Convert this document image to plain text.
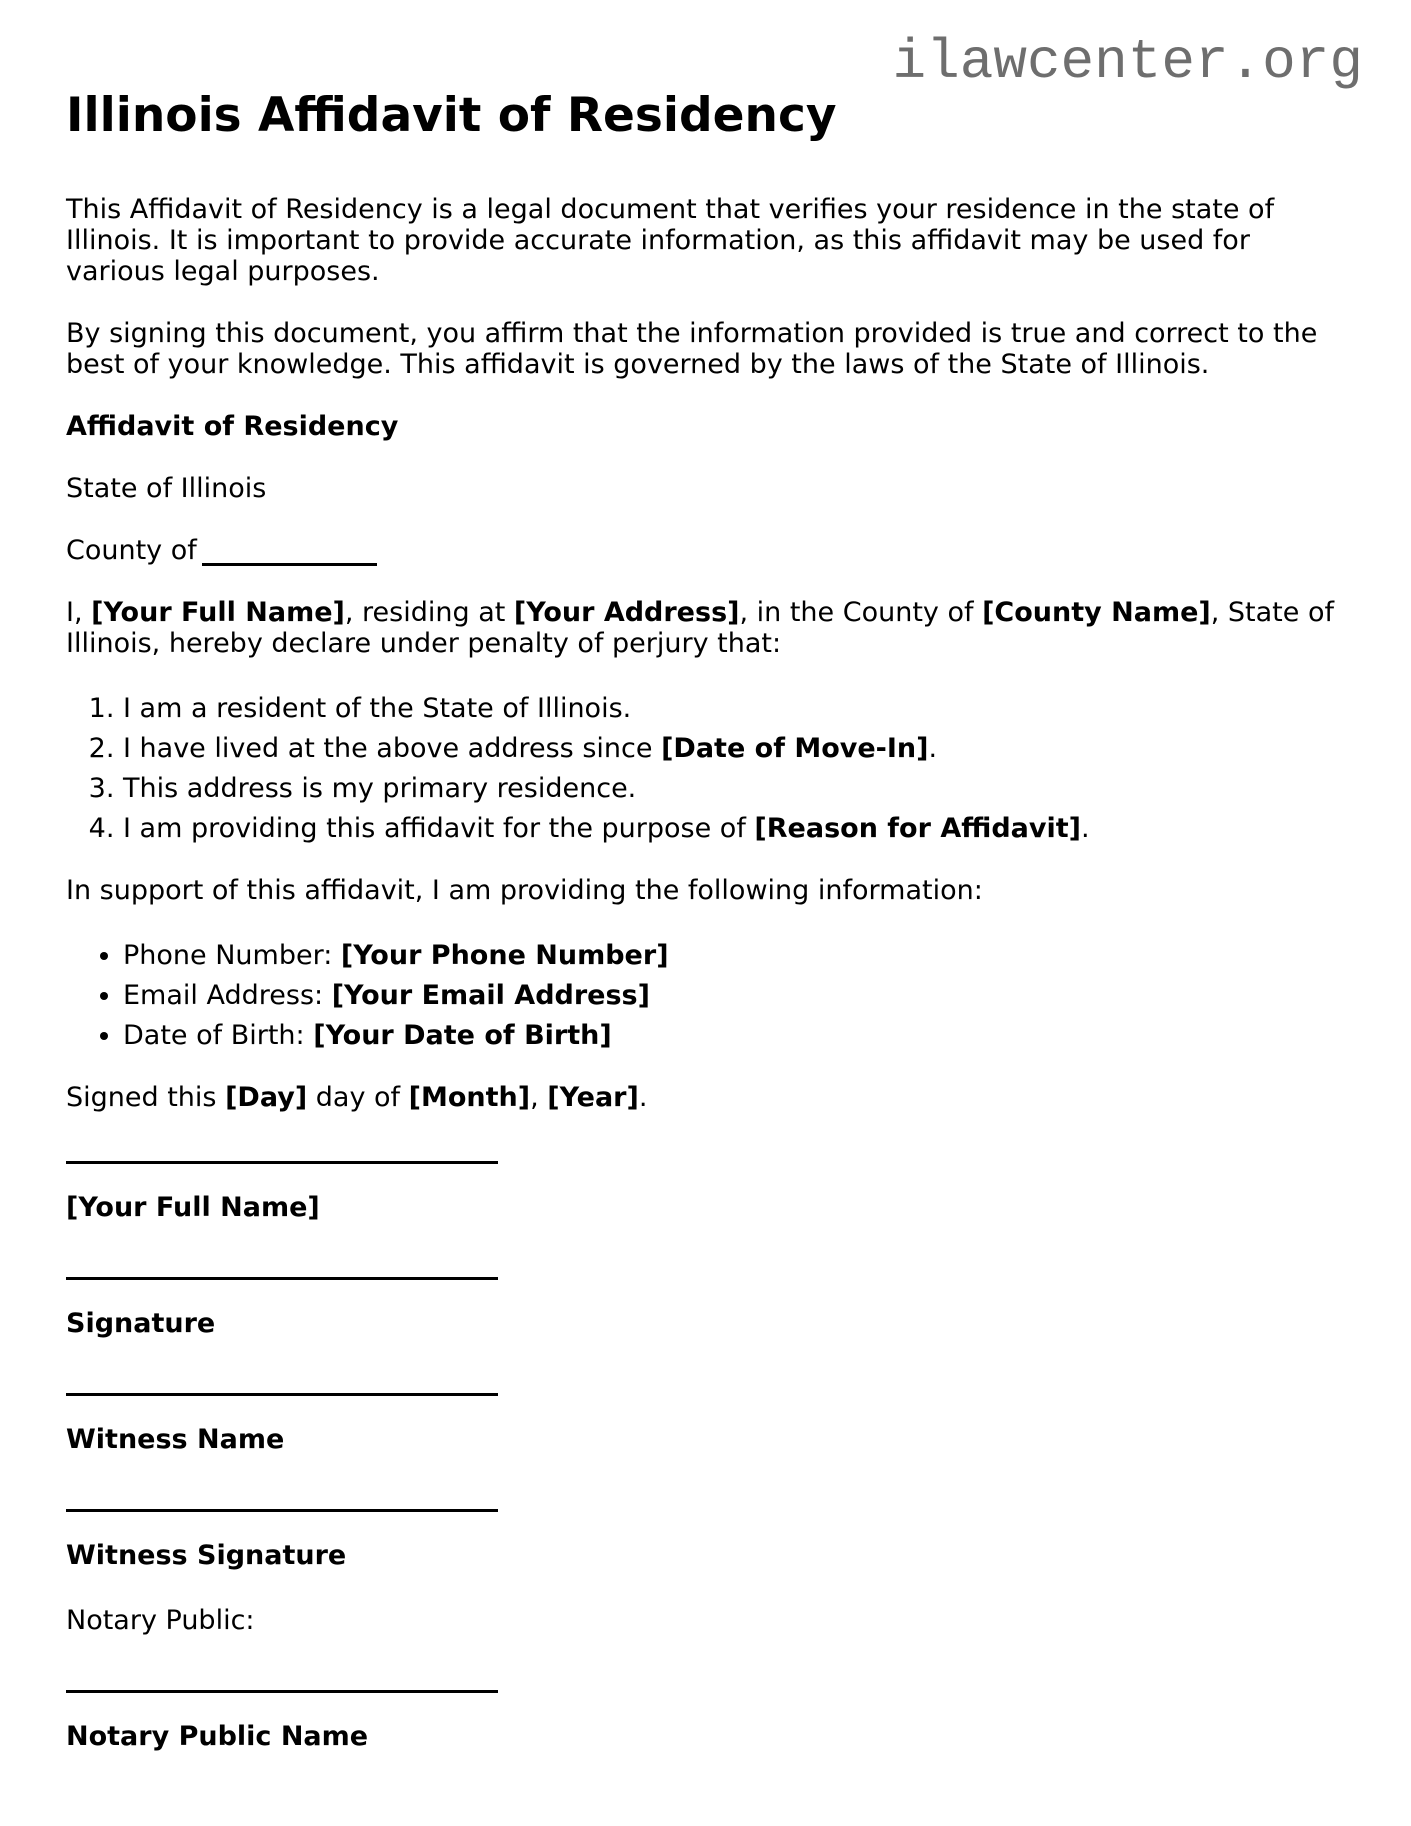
ilawcenter.org
Illinois Affidavit of Residency

This Affidavit of Residency is a legal document that verifies your residence in the state of Illinois. It is important to provide accurate information, as this affidavit may be used for various legal purposes.

By signing this document, you affirm that the information provided is true and correct to the best of your knowledge. This affidavit is governed by the laws of the State of Illinois.

Affidavit of Residency

State of Illinois

County of

I, [Your Full Name], residing at [Your Address], in the County of [County Name], State of Illinois, hereby declare under penalty of perjury that:

1. I am a resident of the State of Illinois.
2. I have lived at the above address since [Date of Move-In].
3. This address is my primary residence.
4. I am providing this affidavit for the purpose of [Reason for Affidavit].

In support of this affidavit, I am providing the following information:

• Phone Number: [Your Phone Number]
• Email Address: [Your Email Address]
• Date of Birth: [Your Date of Birth]

Signed this [Day] day of [Month], [Year].

[Your Full Name]

Signature

Witness Name

Witness Signature

Notary Public:

Notary Public Name
